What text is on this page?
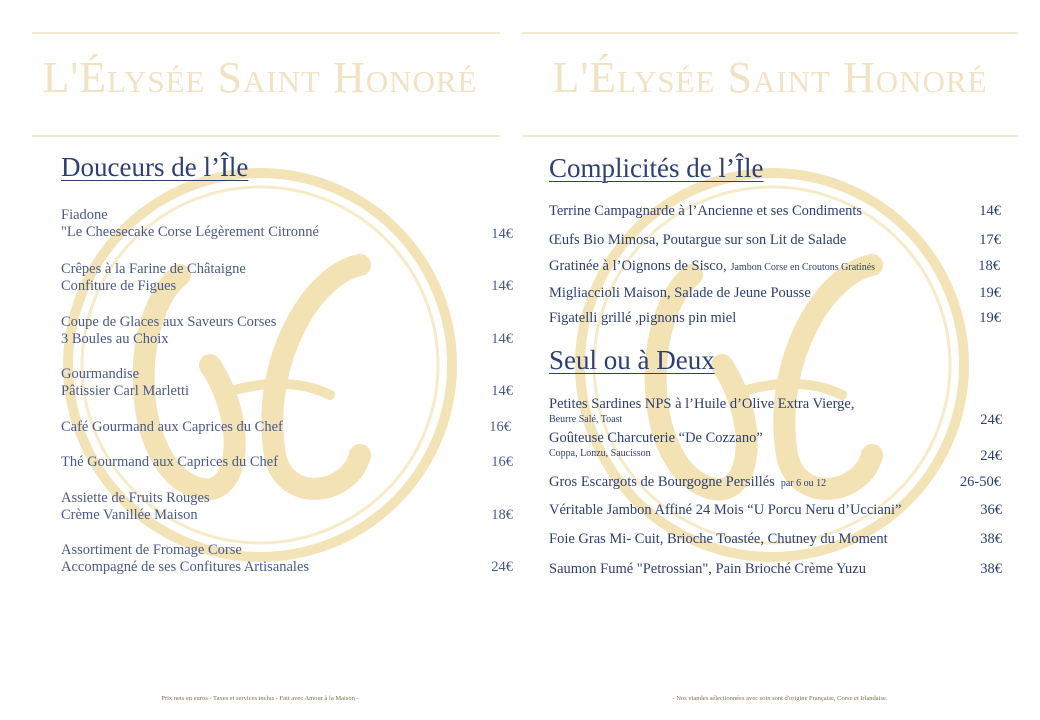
L'Élysée Saint Honoré
Douceurs de l’Île
Fiadone
"Le Cheesecake Corse Légèrement Citronné	14€
Crêpes à la Farine de Châtaigne
Confiture de Figues	14€
Coupe de Glaces aux Saveurs Corses
3 Boules au Choix	14€
Gourmandise
Pâtissier Carl Marletti	14€
Café Gourmand aux Caprices du Chef	16€
Thé Gourmand aux Caprices du Chef	16€
Assiette de Fruits Rouges
Crème Vanillée Maison	18€
Assortiment de Fromage Corse
Accompagné de ses Confitures Artisanales	24€
Prix nets en euros - Taxes et services inclus - Fait avec Amour à la Maison -
L'Élysée Saint Honoré
Complicités de l’Île
Terrine Campagnarde à l’Ancienne et ses Condiments	14€
Œufs Bio Mimosa, Poutargue sur son Lit de Salade	17€
Gratinée à l’Oignons de Sisco, Jambon Corse en Croutons Gratinés	18€
Migliaccioli Maison, Salade de Jeune Pousse	19€
Figatelli grillé ,pignons pin miel	19€
Seul ou à Deux
Petites Sardines NPS à l’Huile d’Olive Extra Vierge,
Beurre Salé, Toast	24€
Goûteuse Charcuterie “De Cozzano”
Coppa, Lonzu, Saucisson	24€
Gros Escargots de Bourgogne Persillés par 6 ou 12	26-50€
Véritable Jambon Affiné 24 Mois “U Porcu Neru d’Ucciani”	36€
Foie Gras Mi- Cuit, Brioche Toastée, Chutney du Moment	38€
Saumon Fumé "Petrossian", Pain Brioché Crème Yuzu	38€
- Nos viandes sélectionnées avec soin sont d'origine Française, Corse et Irlandaise.
